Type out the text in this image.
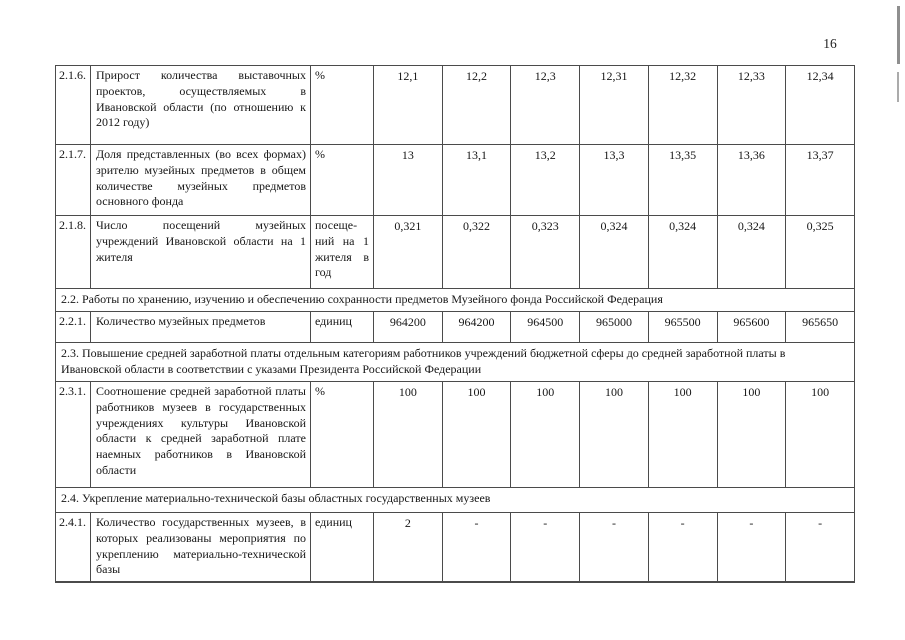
16
2.1.6.	Прирост количества выставочных проектов, осуществляемых в Ивановской области (по отношению к 2012 году)	%	12,1	12,2	12,3	12,31	12,32	12,33	12,34
2.1.7.	Доля представленных (во всех формах) зрителю музейных предметов в общем количестве музейных предметов основного фонда	%	13	13,1	13,2	13,3	13,35	13,36	13,37
2.1.8.	Число посещений музейных учреждений Ивановской области на 1 жителя	посеще-ний на 1 жителя в год	0,321	0,322	0,323	0,324	0,324	0,324	0,325
2.2. Работы по хранению, изучению и обеспечению сохранности предметов Музейного фонда Российской Федерация									
2.2.1.	Количество музейных предметов	единиц	964200	964200	964500	965000	965500	965600	965650
2.3. Повышение средней заработной платы отдельным категориям работников учреждений бюджетной сферы до средней заработной платы в Ивановской области в соответствии с указами Президента Российской Федерации									
2.3.1.	Соотношение средней заработной платы работников музеев в государственных учреждениях культуры Ивановской области к средней заработной плате наемных работников в Ивановской области	%	100	100	100	100	100	100	100
2.4. Укрепление материально-технической базы областных государственных музеев									
2.4.1.	Количество государственных музеев, в которых реализованы мероприятия по укреплению материально-технической базы	единиц	2	-	-	-	-	-	-
